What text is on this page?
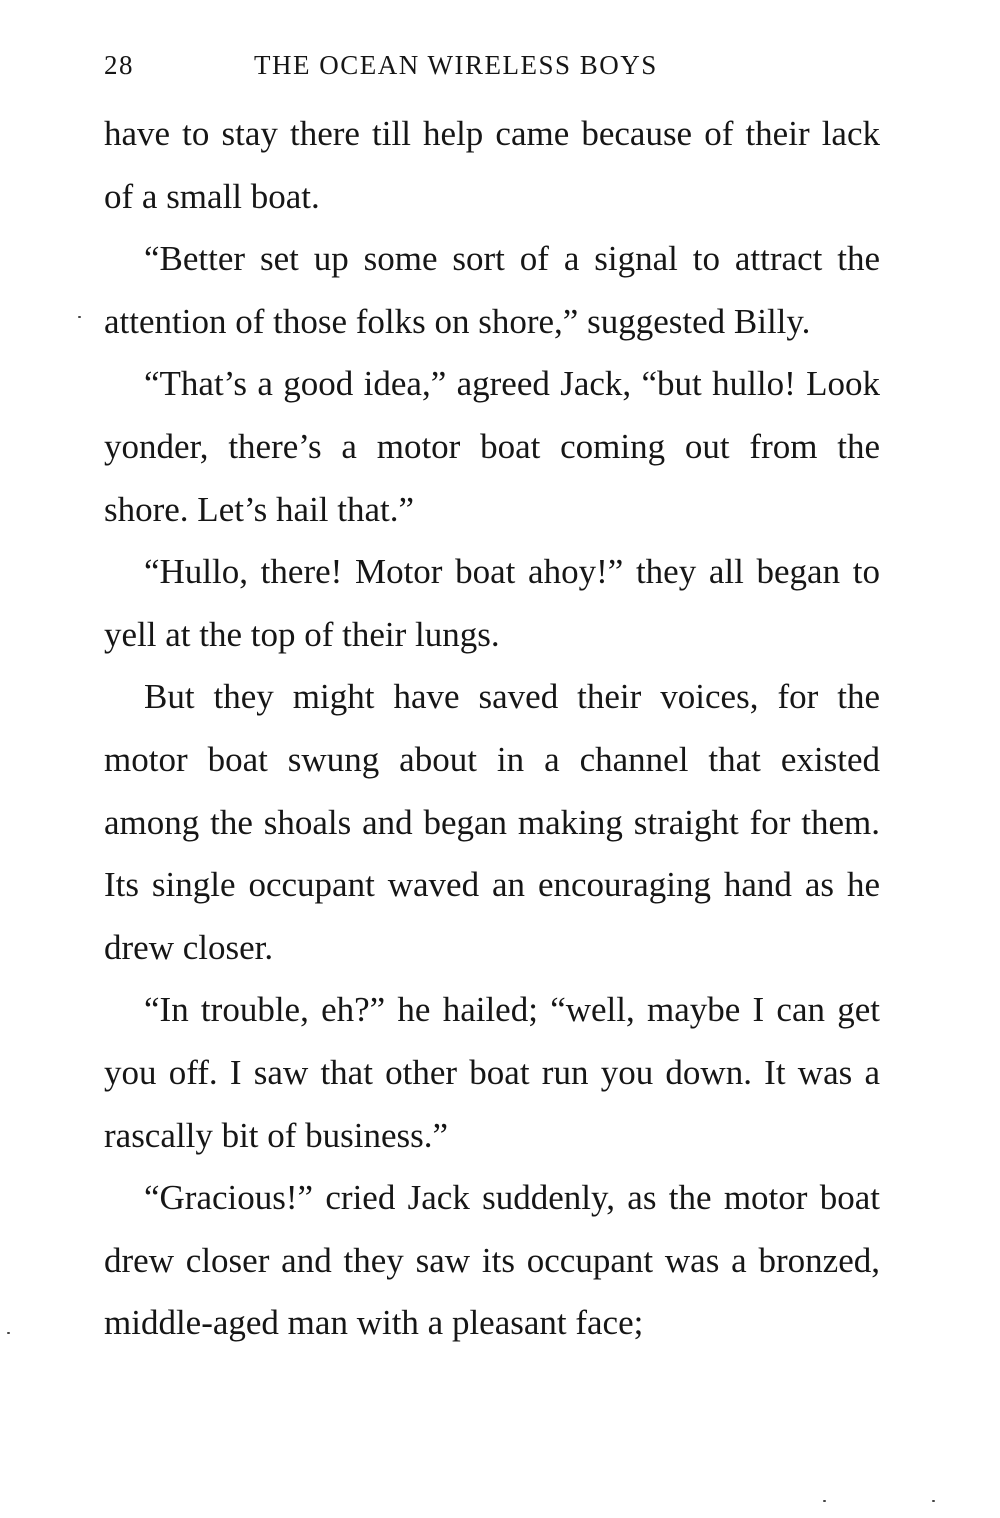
28	THE OCEAN WIRELESS BOYS

have to stay there till help came because of their lack of a small boat.

“Better set up some sort of a signal to attract the attention of those folks on shore,” suggested Billy.

“That’s a good idea,” agreed Jack, “but hullo! Look yonder, there’s a motor boat coming out from the shore. Let’s hail that.”

“Hullo, there! Motor boat ahoy!” they all began to yell at the top of their lungs.

But they might have saved their voices, for the motor boat swung about in a channel that existed among the shoals and began making straight for them. Its single occupant waved an encouraging hand as he drew closer.

“In trouble, eh?” he hailed; “well, maybe I can get you off. I saw that other boat run you down. It was a rascally bit of business.”

“Gracious!” cried Jack suddenly, as the motor boat drew closer and they saw its occupant was a bronzed, middle-aged man with a pleasant face;
